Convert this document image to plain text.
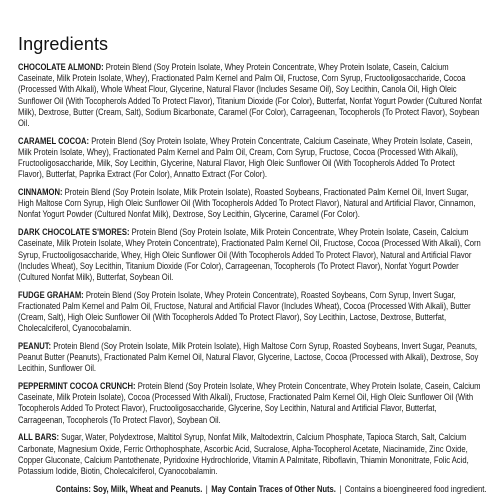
Ingredients

CHOCOLATE ALMOND: Protein Blend (Soy Protein Isolate, Whey Protein Concentrate, Whey Protein Isolate, Casein, Calcium Caseinate, Milk Protein Isolate, Whey), Fractionated Palm Kernel and Palm Oil, Fructose, Corn Syrup, Fructooligosaccharide, Cocoa (Processed With Alkali), Whole Wheat Flour, Glycerine, Natural Flavor (Includes Sesame Oil), Soy Lecithin, Canola Oil, High Oleic Sunflower Oil (With Tocopherols Added To Protect Flavor), Titanium Dioxide (For Color), Butterfat, Nonfat Yogurt Powder (Cultured Nonfat Milk), Dextrose, Butter (Cream, Salt), Sodium Bicarbonate, Caramel (For Color), Carrageenan, Tocopherols (To Protect Flavor), Soybean Oil.

CARAMEL COCOA: Protein Blend (Soy Protein Isolate, Whey Protein Concentrate, Calcium Caseinate, Whey Protein Isolate, Casein, Milk Protein Isolate, Whey), Fractionated Palm Kernel and Palm Oil, Cream, Corn Syrup, Fructose, Cocoa (Processed With Alkali), Fructooligosaccharide, Milk, Soy Lecithin, Glycerine, Natural Flavor, High Oleic Sunflower Oil (With Tocopherols Added To Protect Flavor), Butterfat, Paprika Extract (For Color), Annatto Extract (For Color).

CINNAMON: Protein Blend (Soy Protein Isolate, Milk Protein Isolate), Roasted Soybeans, Fractionated Palm Kernel Oil, Invert Sugar, High Maltose Corn Syrup, High Oleic Sunflower Oil (With Tocopherols Added To Protect Flavor), Natural and Artificial Flavor, Cinnamon, Nonfat Yogurt Powder (Cultured Nonfat Milk), Dextrose, Soy Lecithin, Glycerine, Caramel (For Color).

DARK CHOCOLATE S'MORES: Protein Blend (Soy Protein Isolate, Milk Protein Concentrate, Whey Protein Isolate, Casein, Calcium Caseinate, Milk Protein Isolate, Whey Protein Concentrate), Fractionated Palm Kernel Oil, Fructose, Cocoa (Processed With Alkali), Corn Syrup, Fructooligosaccharide, Whey, High Oleic Sunflower Oil (With Tocopherols Added To Protect Flavor), Natural and Artificial Flavor (Includes Wheat), Soy Lecithin, Titanium Dioxide (For Color), Carrageenan, Tocopherols (To Protect Flavor), Nonfat Yogurt Powder (Cultured Nonfat Milk), Butterfat, Soybean Oil.

FUDGE GRAHAM: Protein Blend (Soy Protein Isolate, Whey Protein Concentrate), Roasted Soybeans, Corn Syrup, Invert Sugar, Fractionated Palm Kernel and Palm Oil, Fructose, Natural and Artificial Flavor (Includes Wheat), Cocoa (Processed With Alkali), Butter (Cream, Salt), High Oleic Sunflower Oil (With Tocopherols Added To Protect Flavor), Soy Lecithin, Lactose, Dextrose, Butterfat, Cholecalciferol, Cyanocobalamin.

PEANUT: Protein Blend (Soy Protein Isolate, Milk Protein Isolate), High Maltose Corn Syrup, Roasted Soybeans, Invert Sugar, Peanuts, Peanut Butter (Peanuts), Fractionated Palm Kernel Oil, Natural Flavor, Glycerine, Lactose, Cocoa (Processed with Alkali), Dextrose, Soy Lecithin, Sunflower Oil.

PEPPERMINT COCOA CRUNCH: Protein Blend (Soy Protein Isolate, Whey Protein Concentrate, Whey Protein Isolate, Casein, Calcium Caseinate, Milk Protein Isolate), Cocoa (Processed With Alkali), Fructose, Fractionated Palm Kernel Oil, High Oleic Sunflower Oil (With Tocopherols Added To Protect Flavor), Fructooligosaccharide, Glycerine, Soy Lecithin, Natural and Artificial Flavor, Butterfat, Carrageenan, Tocopherols (To Protect Flavor), Soybean Oil.

ALL BARS: Sugar, Water, Polydextrose, Maltitol Syrup, Nonfat Milk, Maltodextrin, Calcium Phosphate, Tapioca Starch, Salt, Calcium Carbonate, Magnesium Oxide, Ferric Orthophosphate, Ascorbic Acid, Sucralose, Alpha-Tocopherol Acetate, Niacinamide, Zinc Oxide, Copper Gluconate, Calcium Pantothenate, Pyridoxine Hydrochloride, Vitamin A Palmitate, Riboflavin, Thiamin Mononitrate, Folic Acid, Potassium Iodide, Biotin, Cholecalciferol, Cyanocobalamin.

Contains: Soy, Milk, Wheat and Peanuts. | May Contain Traces of Other Nuts. | Contains a bioengineered food ingredient.
